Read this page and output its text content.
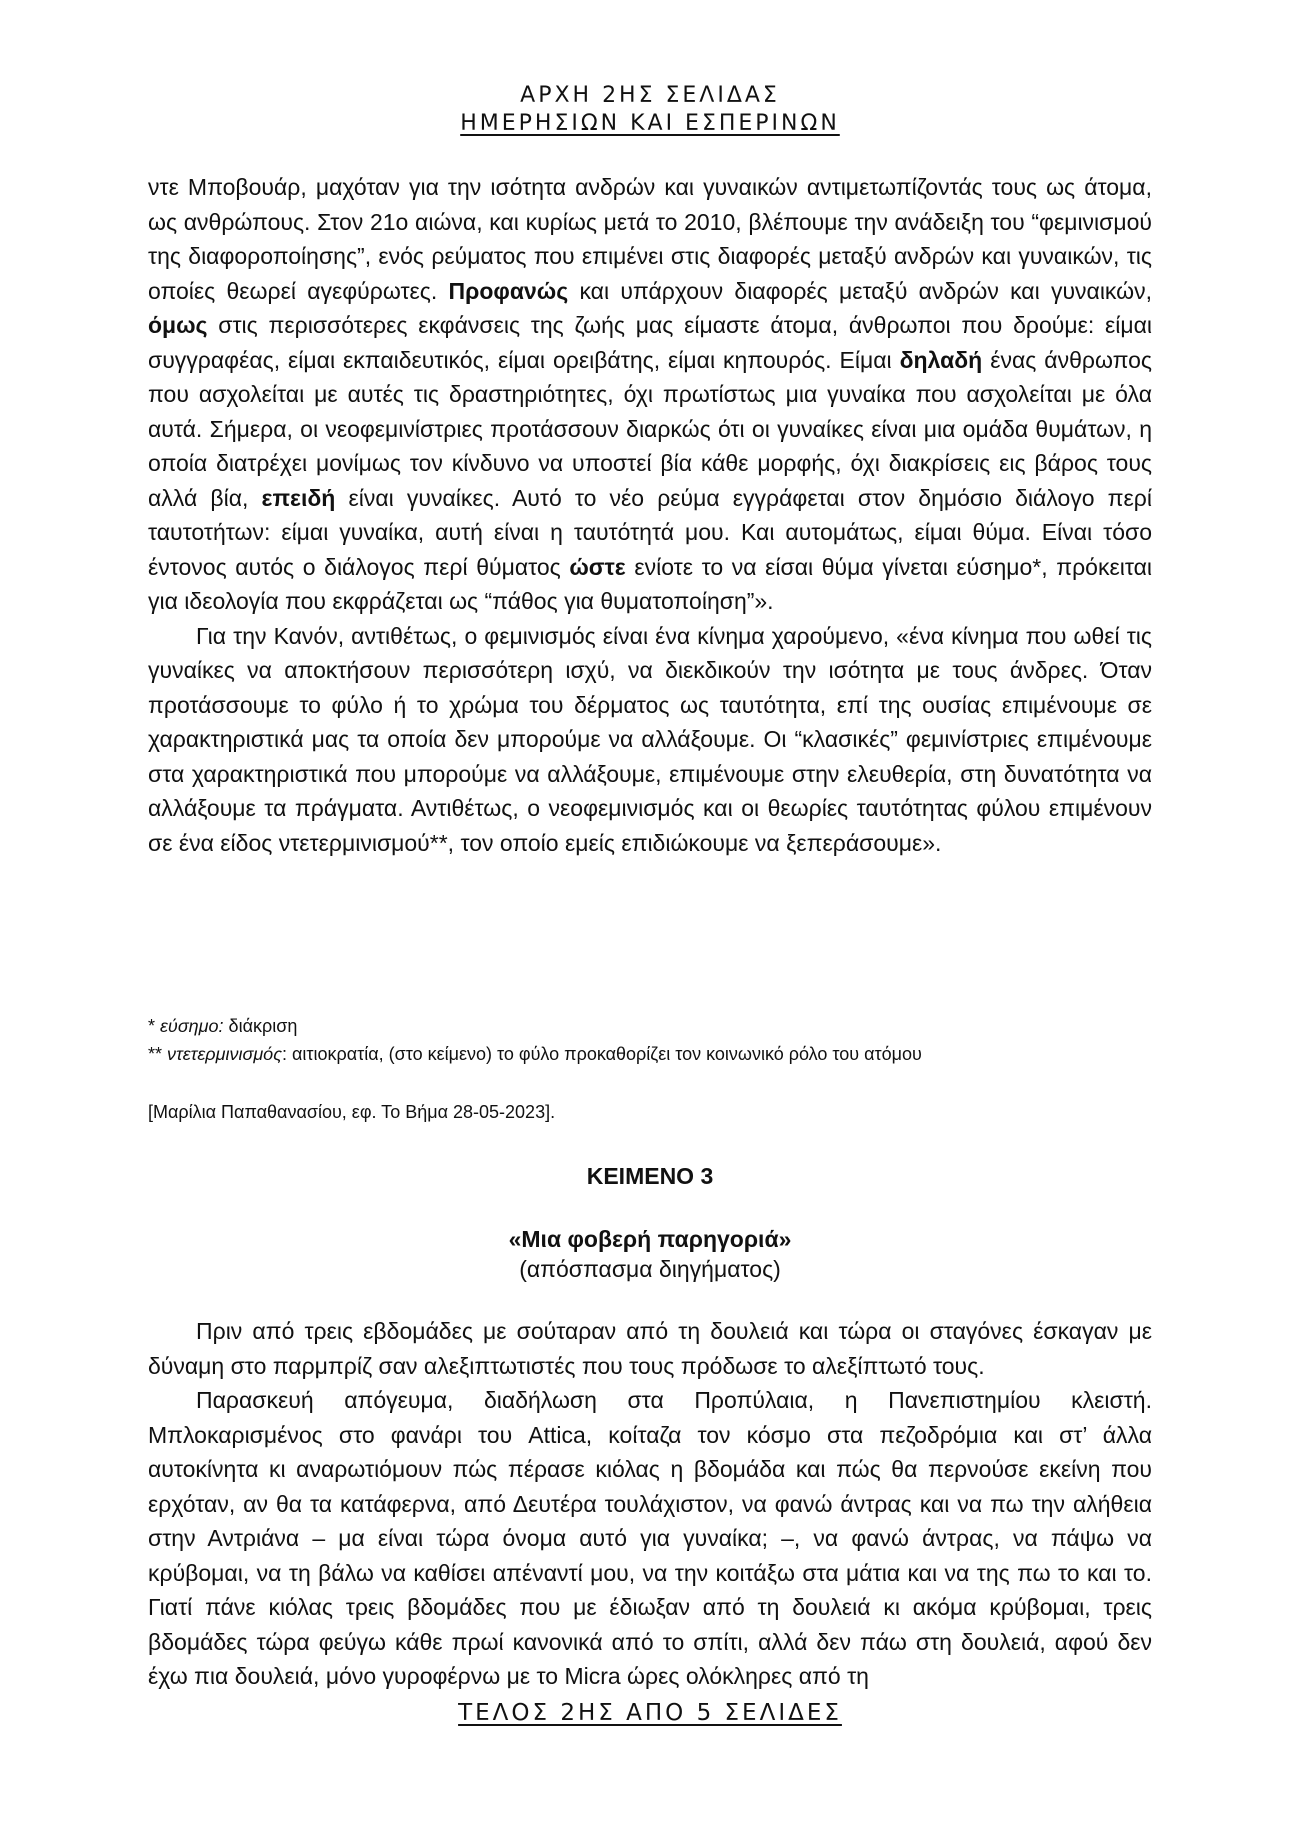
ΑΡΧΗ 2ΗΣ ΣΕΛΙΔΑΣ
ΗΜΕΡΗΣΙΩΝ ΚΑΙ ΕΣΠΕΡΙΝΩΝ

ντε Μποβουάρ, μαχόταν για την ισότητα ανδρών και γυναικών αντιμετωπίζοντάς τους ως άτομα, ως ανθρώπους. Στον 21ο αιώνα, και κυρίως μετά το 2010, βλέπουμε την ανάδειξη του “φεμινισμού της διαφοροποίησης”, ενός ρεύματος που επιμένει στις διαφορές μεταξύ ανδρών και γυναικών, τις οποίες θεωρεί αγεφύρωτες. Προφανώς και υπάρχουν διαφορές μεταξύ ανδρών και γυναικών, όμως στις περισσότερες εκφάνσεις της ζωής μας είμαστε άτομα, άνθρωποι που δρούμε: είμαι συγγραφέας, είμαι εκπαιδευτικός, είμαι ορειβάτης, είμαι κηπουρός. Είμαι δηλαδή ένας άνθρωπος που ασχολείται με αυτές τις δραστηριότητες, όχι πρωτίστως μια γυναίκα που ασχολείται με όλα αυτά. Σήμερα, οι νεοφεμινίστριες προτάσσουν διαρκώς ότι οι γυναίκες είναι μια ομάδα θυμάτων, η οποία διατρέχει μονίμως τον κίνδυνο να υποστεί βία κάθε μορφής, όχι διακρίσεις εις βάρος τους αλλά βία, επειδή είναι γυναίκες. Αυτό το νέο ρεύμα εγγράφεται στον δημόσιο διάλογο περί ταυτοτήτων: είμαι γυναίκα, αυτή είναι η ταυτότητά μου. Και αυτομάτως, είμαι θύμα. Είναι τόσο έντονος αυτός ο διάλογος περί θύματος ώστε ενίοτε το να είσαι θύμα γίνεται εύσημο*, πρόκειται για ιδεολογία που εκφράζεται ως “πάθος για θυματοποίηση”».

Για την Κανόν, αντιθέτως, ο φεμινισμός είναι ένα κίνημα χαρούμενο, «ένα κίνημα που ωθεί τις γυναίκες να αποκτήσουν περισσότερη ισχύ, να διεκδικούν την ισότητα με τους άνδρες. Όταν προτάσσουμε το φύλο ή το χρώμα του δέρματος ως ταυτότητα, επί της ουσίας επιμένουμε σε χαρακτηριστικά μας τα οποία δεν μπορούμε να αλλάξουμε. Οι “κλασικές” φεμινίστριες επιμένουμε στα χαρακτηριστικά που μπορούμε να αλλάξουμε, επιμένουμε στην ελευθερία, στη δυνατότητα να αλλάξουμε τα πράγματα. Αντιθέτως, ο νεοφεμινισμός και οι θεωρίες ταυτότητας φύλου επιμένουν σε ένα είδος ντετερμινισμού**, τον οποίο εμείς επιδιώκουμε να ξεπεράσουμε».

* εύσημο: διάκριση
** ντετερμινισμός: αιτιοκρατία, (στο κείμενο) το φύλο προκαθορίζει τον κοινωνικό ρόλο του ατόμου
[Μαρίλια Παπαθανασίου, εφ. Το Βήμα 28-05-2023].
ΚΕΙΜΕΝΟ 3
«Μια φοβερή παρηγοριά»
(απόσπασμα διηγήματος)

Πριν από τρεις εβδομάδες με σούταραν από τη δουλειά και τώρα οι σταγόνες έσκαγαν με δύναμη στο παρμπρίζ σαν αλεξιπτωτιστές που τους πρόδωσε το αλεξίπτωτό τους.

Παρασκευή απόγευμα, διαδήλωση στα Προπύλαια, η Πανεπιστημίου κλειστή. Μπλοκαρισμένος στο φανάρι του Attica, κοίταζα τον κόσμο στα πεζοδρόμια και στ’ άλλα αυτοκίνητα κι αναρωτιόμουν πώς πέρασε κιόλας η βδομάδα και πώς θα περνούσε εκείνη που ερχόταν, αν θα τα κατάφερνα, από Δευτέρα τουλάχιστον, να φανώ άντρας και να πω την αλήθεια στην Αντριάνα – μα είναι τώρα όνομα αυτό για γυναίκα; –, να φανώ άντρας, να πάψω να κρύβομαι, να τη βάλω να καθίσει απέναντί μου, να την κοιτάξω στα μάτια και να της πω το και το. Γιατί πάνε κιόλας τρεις βδομάδες που με έδιωξαν από τη δουλειά κι ακόμα κρύβομαι, τρεις βδομάδες τώρα φεύγω κάθε πρωί κανονικά από το σπίτι, αλλά δεν πάω στη δουλειά, αφού δεν έχω πια δουλειά, μόνο γυροφέρνω με το Micra ώρες ολόκληρες από τη

ΤΕΛΟΣ 2ΗΣ ΑΠΟ 5 ΣΕΛΙΔΕΣ
